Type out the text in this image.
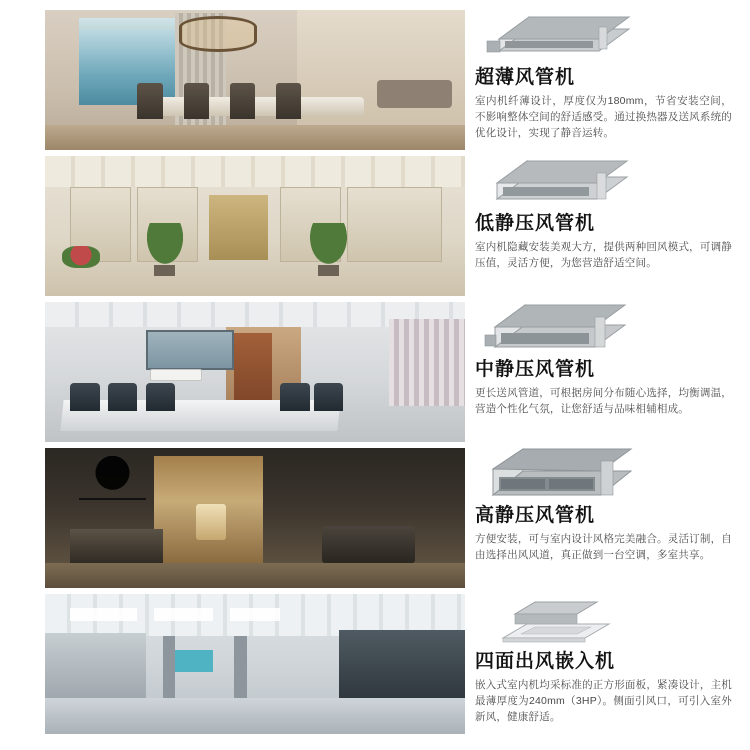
超薄风管机
室内机纤薄设计，厚度仅为180mm，节省安装空间，不影响整体空间的舒适感受。通过换热器及送风系统的优化设计，实现了静音运转。
低静压风管机
室内机隐藏安装美观大方，提供两种回风模式，可调静压值，灵活方便，为您营造舒适空间。
中静压风管机
更长送风管道，可根据房间分布随心选择，均衡调温，营造个性化气氛，让您舒适与品味相辅相成。
高静压风管机
方便安装，可与室内设计风格完美融合。灵活订制，自由选择出风风道，真正做到一台空调，多室共享。
四面出风嵌入机
嵌入式室内机均采标准的正方形面板，紧凑设计，主机最薄厚度为240mm（3HP）。侧面引风口，可引入室外新风，健康舒适。
